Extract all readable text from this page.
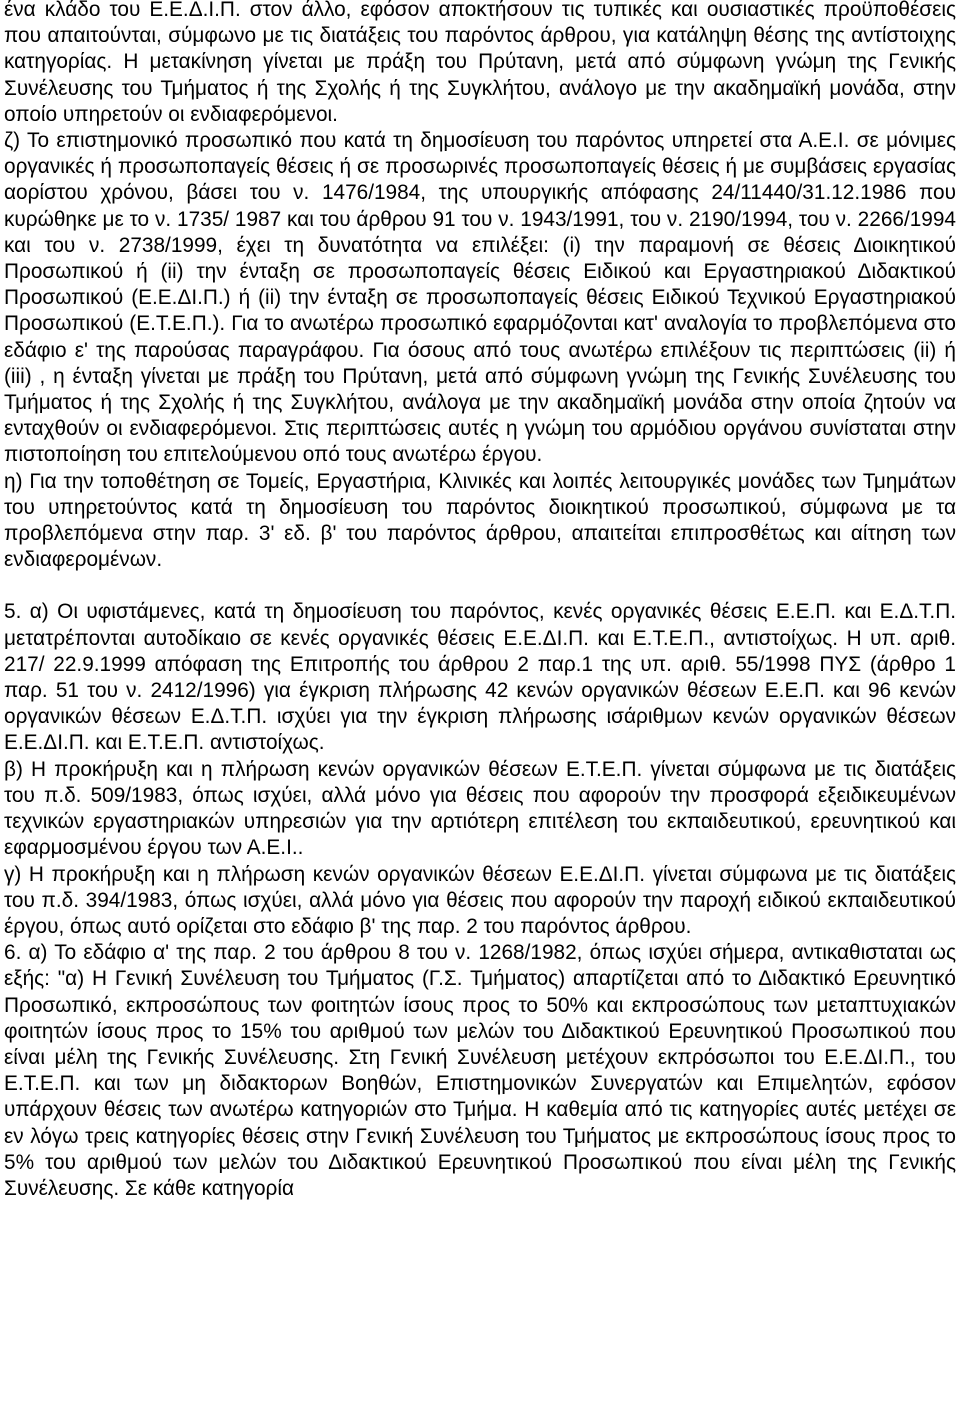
ένα κλάδο του Ε.Ε.Δ.Ι.Π. στον άλλο, εφόσον αποκτήσουν τις τυπικές και ουσιαστικές προϋποθέσεις που απαιτούνται, σύμφωνο με τις διατάξεις του παρόντος άρθρου, για κατάληψη θέσης της αντίστοιχης κατηγορίας. Η μετακίνηση γίνεται με πράξη του Πρύτανη, μετά από σύμφωνη γνώμη της Γενικής Συνέλευσης του Τμήματος ή της Σχολής ή της Συγκλήτου, ανάλογο με την ακαδημαϊκή μονάδα, στην οποίο υπηρετούν οι ενδιαφερόμενοι.

ζ) Το επιστημονικό προσωπικό που κατά τη δημοσίευση του παρόντος υπηρετεί στα Α.Ε.Ι. σε μόνιμες οργανικές ή προσωποπαγείς θέσεις ή σε προσωρινές προσωποπαγείς θέσεις ή με συμβάσεις εργασίας αορίστου χρόνου, βάσει του ν. 1476/1984, της υπουργικής απόφασης 24/11440/31.12.1986 που κυρώθηκε με το ν. 1735/ 1987 και του άρθρου 91 του ν. 1943/1991, του ν. 2190/1994, του ν. 2266/1994 και του ν. 2738/1999, έχει τη δυνατότητα να επιλέξει: (i) την παραμονή σε θέσεις Διοικητικού Προσωπικού ή (ii) την ένταξη σε προσωποπαγείς θέσεις Ειδικού και Εργαστηριακού Διδακτικού Προσωπικού (Ε.Ε.ΔΙ.Π.) ή (ii) την ένταξη σε προσωποπαγείς θέσεις Ειδικού Τεχνικού Εργαστηριακού Προσωπικού (Ε.Τ.Ε.Π.). Για το ανωτέρω προσωπικό εφαρμόζονται κατ' αναλογία το προβλεπόμενα στο εδάφιο ε' της παρούσας παραγράφου. Για όσους από τους ανωτέρω επιλέξουν τις περιπτώσεις (ii) ή (iii) , η ένταξη γίνεται με πράξη του Πρύτανη, μετά από σύμφωνη γνώμη της Γενικής Συνέλευσης του Τμήματος ή της Σχολής ή της Συγκλήτου, ανάλογα με την ακαδημαϊκή μονάδα στην οποία ζητούν να ενταχθούν οι ενδιαφερόμενοι. Στις περιπτώσεις αυτές η γνώμη του αρμόδιου οργάνου συνίσταται στην πιστοποίηση του επιτελούμενου οπό τους ανωτέρω έργου.

η) Για την τοποθέτηση σε Τομείς, Εργαστήρια, Κλινικές και λοιπές λειτουργικές μονάδες των Τμημάτων του υπηρετούντος κατά τη δημοσίευση του παρόντος διοικητικού προσωπικού, σύμφωνα με τα προβλεπόμενα στην παρ. 3' εδ. β' του παρόντος άρθρου, απαιτείται επιπροσθέτως και αίτηση των ενδιαφερομένων.

5. α) Οι υφιστάμενες, κατά τη δημοσίευση του παρόντος, κενές οργανικές θέσεις Ε.Ε.Π. και Ε.Δ.Τ.Π. μετατρέπονται αυτοδίκαιο σε κενές οργανικές θέσεις Ε.Ε.ΔΙ.Π. και Ε.Τ.Ε.Π., αντιστοίχως. Η υπ. αριθ. 217/ 22.9.1999 απόφαση της Επιτροπής του άρθρου 2 παρ.1 της υπ. αριθ. 55/1998 ΠΥΣ (άρθρο 1 παρ. 51 του ν. 2412/1996) για έγκριση πλήρωσης 42 κενών οργανικών θέσεων Ε.Ε.Π. και 96 κενών οργανικών θέσεων Ε.Δ.Τ.Π. ισχύει για την έγκριση πλήρωσης ισάριθμων κενών οργανικών θέσεων Ε.Ε.ΔΙ.Π. και Ε.Τ.Ε.Π. αντιστοίχως.

β) Η προκήρυξη και η πλήρωση κενών οργανικών θέσεων Ε.Τ.Ε.Π. γίνεται σύμφωνα με τις διατάξεις του π.δ. 509/1983, όπως ισχύει, αλλά μόνο για θέσεις που αφορούν την προσφορά εξειδικευμένων τεχνικών εργαστηριακών υπηρεσιών για την αρτιότερη επιτέλεση του εκπαιδευτικού, ερευνητικού και εφαρμοσμένου έργου των Α.Ε.Ι..

γ) Η προκήρυξη και η πλήρωση κενών οργανικών θέσεων Ε.Ε.ΔΙ.Π. γίνεται σύμφωνα με τις διατάξεις του π.δ. 394/1983, όπως ισχύει, αλλά μόνο για θέσεις που αφορούν την παροχή ειδικού εκπαιδευτικού έργου, όπως αυτό ορίζεται στο εδάφιο β' της παρ. 2 του παρόντος άρθρου.

6. α) Το εδάφιο α' της παρ. 2 του άρθρου 8 του ν. 1268/1982, όπως ισχύει σήμερα, αντικαθισταται ως εξής: "α) Η Γενική Συνέλευση του Τμήματος (Γ.Σ. Τμήματος) απαρτίζεται από το Διδακτικό Ερευνητικό Προσωπικό, εκπροσώπους των φοιτητών ίσους προς το 50% και εκπροσώπους των μεταπτυχιακών φοιτητών ίσους προς το 15% του αριθμού των μελών του Διδακτικού Ερευνητικού Προσωπικού που είναι μέλη της Γενικής Συνέλευσης. Στη Γενική Συνέλευση μετέχουν εκπρόσωποι του Ε.Ε.ΔΙ.Π., του Ε.Τ.Ε.Π. και των μη διδακτορων Βοηθών, Επιστημονικών Συνεργατών και Επιμελητών, εφόσον υπάρχουν θέσεις των ανωτέρω κατηγοριών στο Τμήμα. Η καθεμία από τις κατηγορίες αυτές μετέχει σε εν λόγω τρεις κατηγορίες θέσεις στην Γενική Συνέλευση του Τμήματος με εκπροσώπους ίσους προς το 5% του αριθμού των μελών του Διδακτικού Ερευνητικού Προσωπικού που είναι μέλη της Γενικής Συνέλευσης. Σε κάθε κατηγορία
